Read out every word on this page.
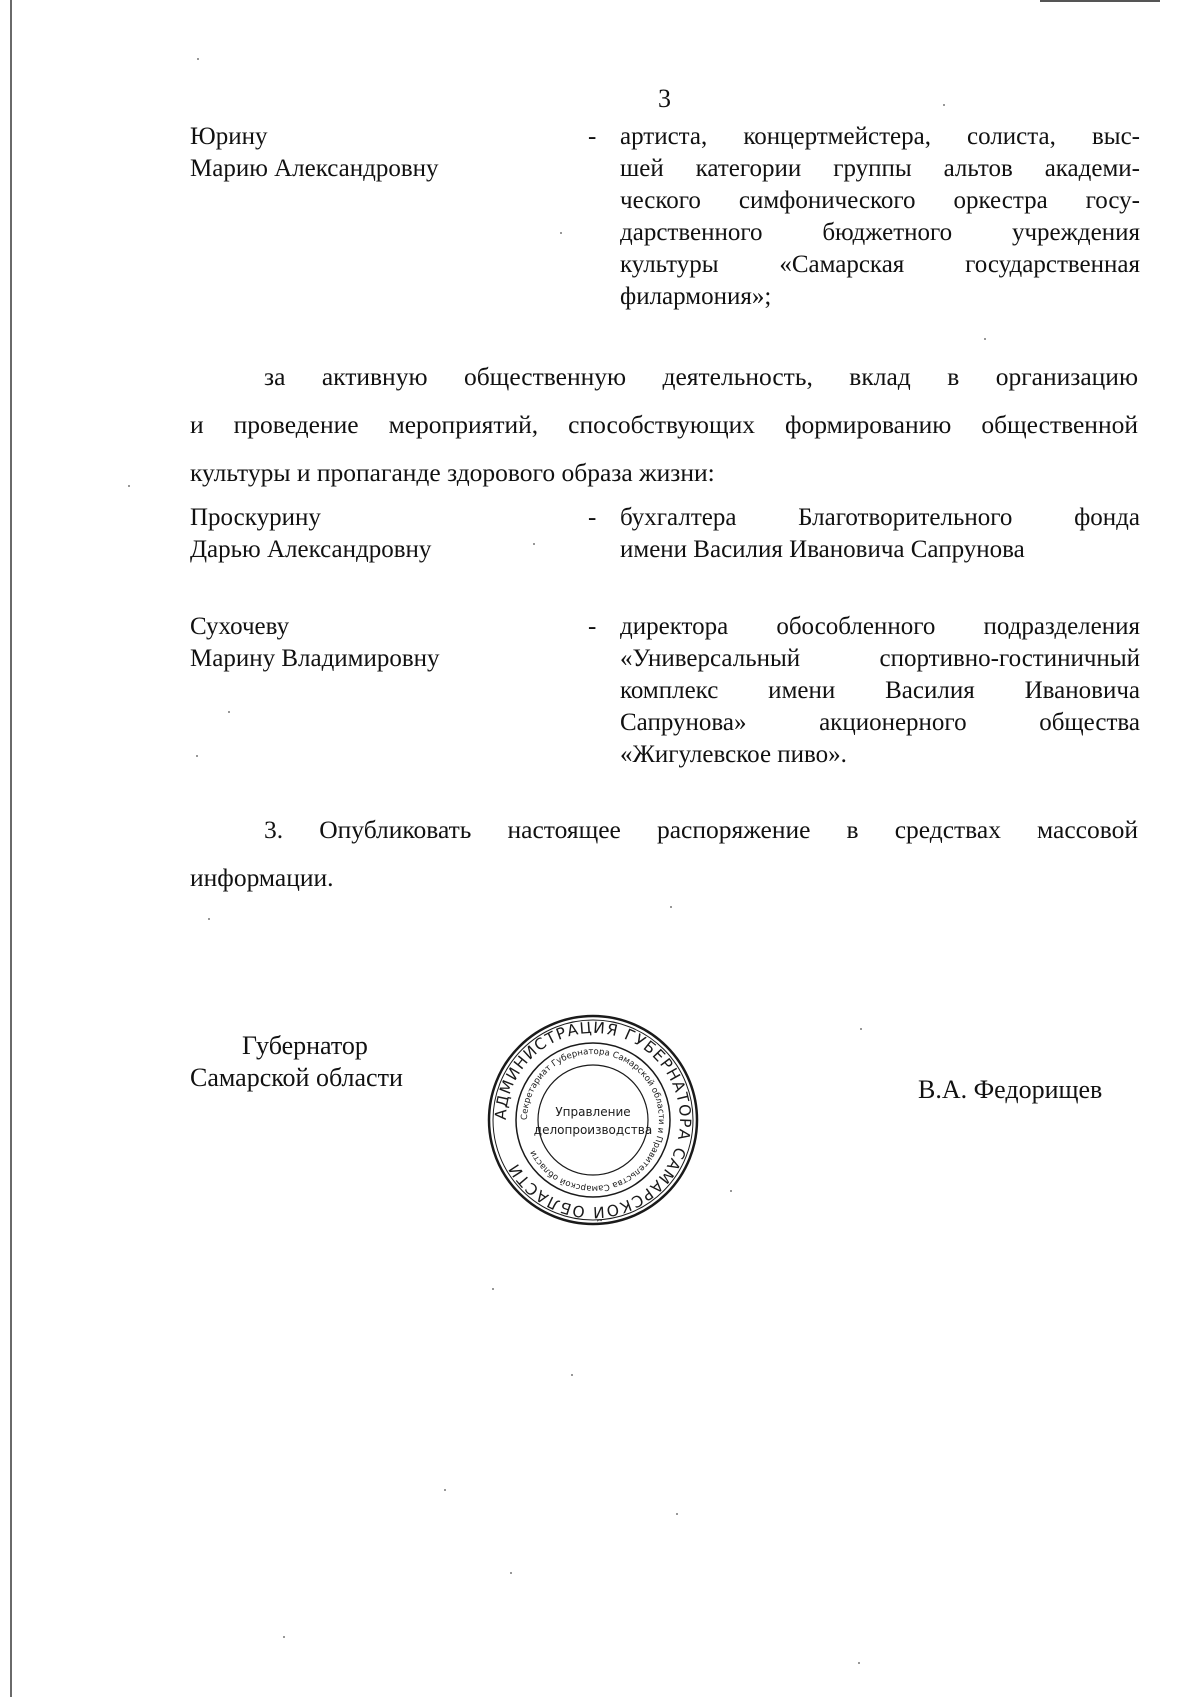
3
Юрину
Марию Александровну
- артиста, концертмейстера, солиста, выс-
шей категории группы альтов академи-
ческого симфонического оркестра госу-
дарственного бюджетного учреждения
культуры «Самарская государственная
филармония»;
за активную общественную деятельность, вклад в организацию
и проведение мероприятий, способствующих формированию общественной
культуры и пропаганде здорового образа жизни:
Проскурину
Дарью Александровну
- бухгалтера Благотворительного фонда
имени Василия Ивановича Сапрунова
Сухочеву
Марину Владимировну
- директора обособленного подразделения
«Универсальный спортивно-гостиничный
комплекс имени Василия Ивановича
Сапрунова» акционерного общества
«Жигулевское пиво».
3. Опубликовать настоящее распоряжение в средствах массовой
информации.
Губернатор
Самарской области
АДМИНИСТРАЦИЯ ГУБЕРНАТОРА САМАРСКОЙ ОБЛАСТИ
Секретариат Губернатора Самарской области и Правительства Самарской области
Управление
делопроизводства
В.А. Федорищев
